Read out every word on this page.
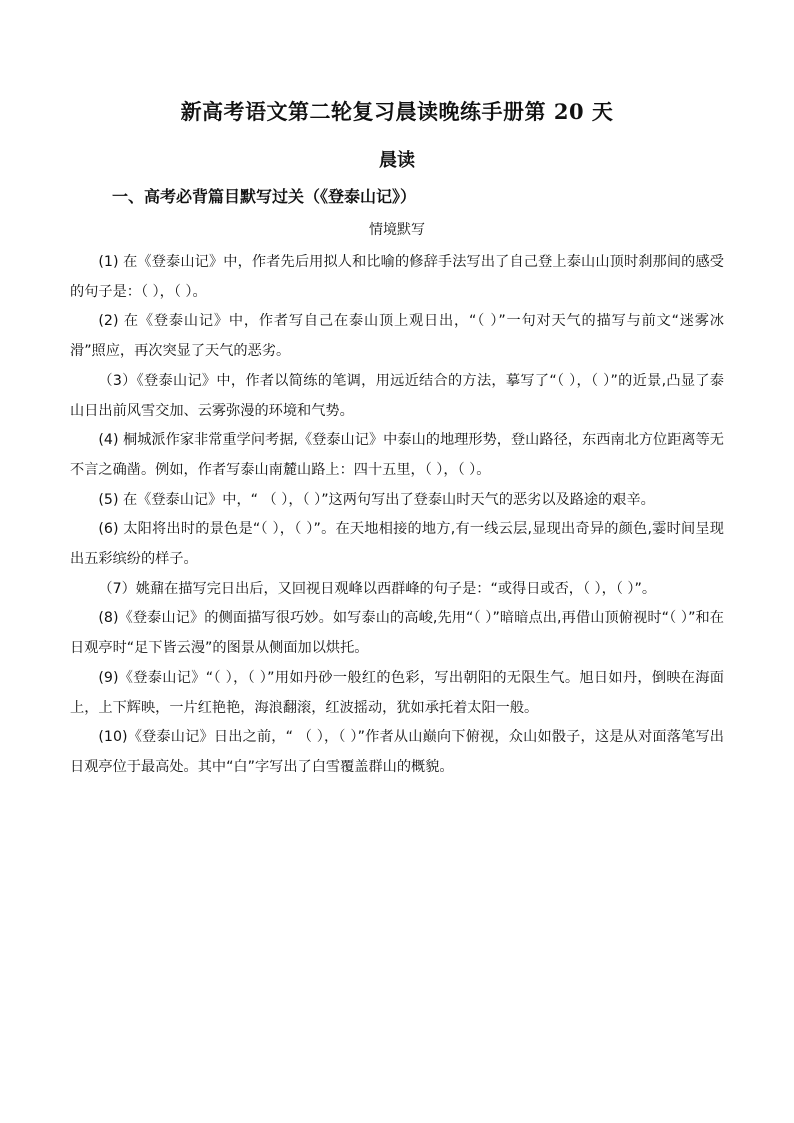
新高考语文第二轮复习晨读晚练手册第 20 天
晨读
一、高考必背篇目默写过关（《登泰山记》）
情境默写

(1) 在《登泰山记》中，作者先后用拟人和比喻的修辞手法写出了自己登上泰山山顶时刹那间的感受的句子是：（ ），（ ）。

(2) 在《登泰山记》中，作者写自己在泰山顶上观日出，“（ ）”一句对天气的描写与前文“迷雾冰滑”照应，再次突显了天气的恶劣。

（3）《登泰山记》中，作者以简练的笔调，用远近结合的方法，摹写了“（ ），（ ）”的近景,凸显了泰山日出前风雪交加、云雾弥漫的环境和气势。

(4) 桐城派作家非常重学问考据,《登泰山记》中泰山的地理形势，登山路径，东西南北方位距离等无不言之确凿。例如，作者写泰山南麓山路上：四十五里，（ ），（ ）。

(5) 在《登泰山记》中，“ （ ），（ ）”这两句写出了登泰山时天气的恶劣以及路途的艰辛。

(6) 太阳将出时的景色是“（ ），（ ）”。在天地相接的地方,有一线云层,显现出奇异的颜色,霎时间呈现出五彩缤纷的样子。

（7）姚鼐在描写完日出后，又回视日观峰以西群峰的句子是：“或得日或否，（ ），（ ）”。

(8)《登泰山记》的侧面描写很巧妙。如写泰山的高峻,先用“（ ）”暗暗点出,再借山顶俯视时“（ ）”和在日观亭时“足下皆云漫”的图景从侧面加以烘托。

(9)《登泰山记》“（ ），（ ）”用如丹砂一般红的色彩，写出朝阳的无限生气。旭日如丹，倒映在海面上，上下辉映，一片红艳艳，海浪翻滚，红波摇动，犹如承托着太阳一般。

(10)《登泰山记》日出之前，“ （ ），（ ）”作者从山巅向下俯视，众山如骰子，这是从对面落笔写出日观亭位于最高处。其中“白”字写出了白雪覆盖群山的概貌。
